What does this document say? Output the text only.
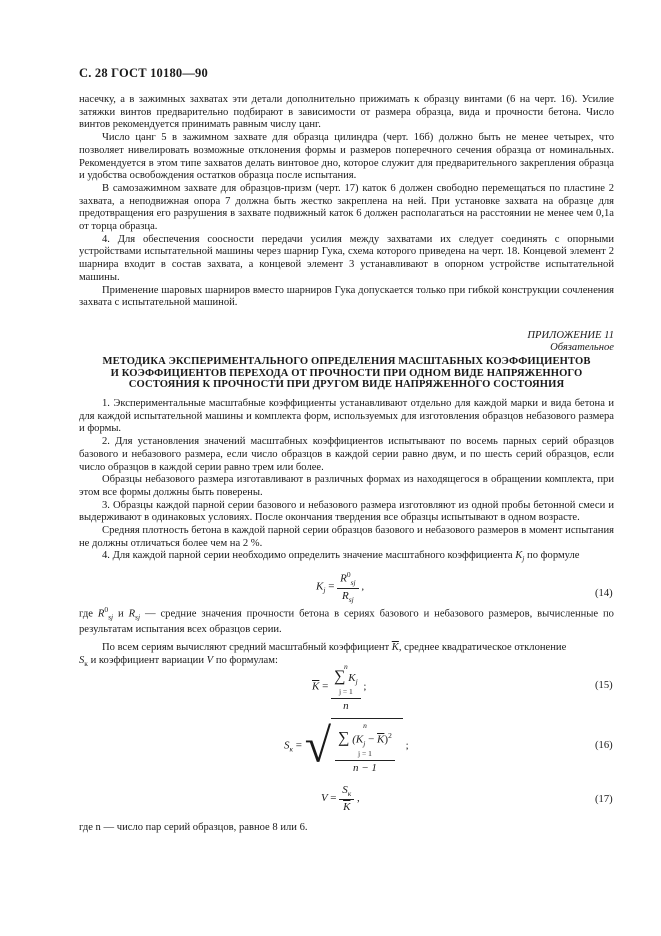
С. 28 ГОСТ 10180—90

насечку, а в зажимных захватах эти детали дополнительно прижимать к образцу винтами (6 на черт. 16). Усилие затяжки винтов предварительно подбирают в зависимости от размера образца, вида и прочности бетона. Число винтов рекомендуется принимать равным числу цанг.

Число цанг 5 в зажимном захвате для образца цилиндра (черт. 16б) должно быть не менее четырех, что позволяет нивелировать возможные отклонения формы и размеров поперечного сечения образца от номинальных. Рекомендуется в этом типе захватов делать винтовое дно, которое служит для предварительного закрепления образца и удобства освобождения остатков образца после испытания.

В самозажимном захвате для образцов-призм (черт. 17) каток 6 должен свободно перемещаться по пластине 2 захвата, а неподвижная опора 7 должна быть жестко закреплена на ней. При установке захвата на образце для предотвращения его разрушения в захвате подвижный каток 6 должен располагаться на расстоянии не менее чем 0,1a от торца образца.

4. Для обеспечения соосности передачи усилия между захватами их следует соединять с опорными устройствами испытательной машины через шарнир Гука, схема которого приведена на черт. 18. Концевой элемент 2 шарнира входит в состав захвата, а концевой элемент 3 устанавливают в опорном устройстве испытательной машины.

Применение шаровых шарниров вместо шарниров Гука допускается только при гибкой конструкции сочленения захвата с испытательной машиной.

ПРИЛОЖЕНИЕ 11
Обязательное
МЕТОДИКА ЭКСПЕРИМЕНТАЛЬНОГО ОПРЕДЕЛЕНИЯ МАСШТАБНЫХ КОЭФФИЦИЕНТОВ
И КОЭФФИЦИЕНТОВ ПЕРЕХОДА ОТ ПРОЧНОСТИ ПРИ ОДНОМ ВИДЕ НАПРЯЖЕННОГО
СОСТОЯНИЯ К ПРОЧНОСТИ ПРИ ДРУГОМ ВИДЕ НАПРЯЖЕННОГО СОСТОЯНИЯ

1. Экспериментальные масштабные коэффициенты устанавливают отдельно для каждой марки и вида бетона и для каждой испытательной машины и комплекта форм, используемых для изготовления образцов небазового размера и формы.

2. Для установления значений масштабных коэффициентов испытывают по восемь парных серий образцов базового и небазового размера, если число образцов в каждой серии равно двум, и по шесть серий образцов, если число образцов в каждой серии равно трем или более.

Образцы небазового размера изготавливают в различных формах из находящегося в обращении комплекта, при этом все формы должны быть поверены.

3. Образцы каждой парной серии базового и небазового размера изготовляют из одной пробы бетонной смеси и выдерживают в одинаковых условиях. После окончания твердения все образцы испытывают в одном возрасте.

Средняя плотность бетона в каждой парной серии образцов базового и небазового размеров в момент испытания не должны отличаться более чем на 2 %.

4. Для каждой парной серии необходимо определить значение масштабного коэффициента $K_j$ по формуле

$K_j = \frac{R^0_{sj}}{R_{sj}}$ ,
(14)

где $R^0_{sj}$ и $R_{sj}$ — средние значения прочности бетона в сериях базового и небазового размеров, вычисленные по результатам испытания всех образцов серии.

По всем сериям вычисляют средний масштабный коэффициент $\overline{K}$, среднее квадратическое отклонение

$S_к$ и коэффициент вариации V по формулам:

$\overline{K} = n$
∑ $K_j$
j = 1
n ;	(15)
$S_к$ = √ n
∑ $(K_j - \overline{K})^2$
j = 1
n − 1 ;	(16)
$V = \frac{S_к}{K}$ ,	(17)

где n — число пар серий образцов, равное 8 или 6.
